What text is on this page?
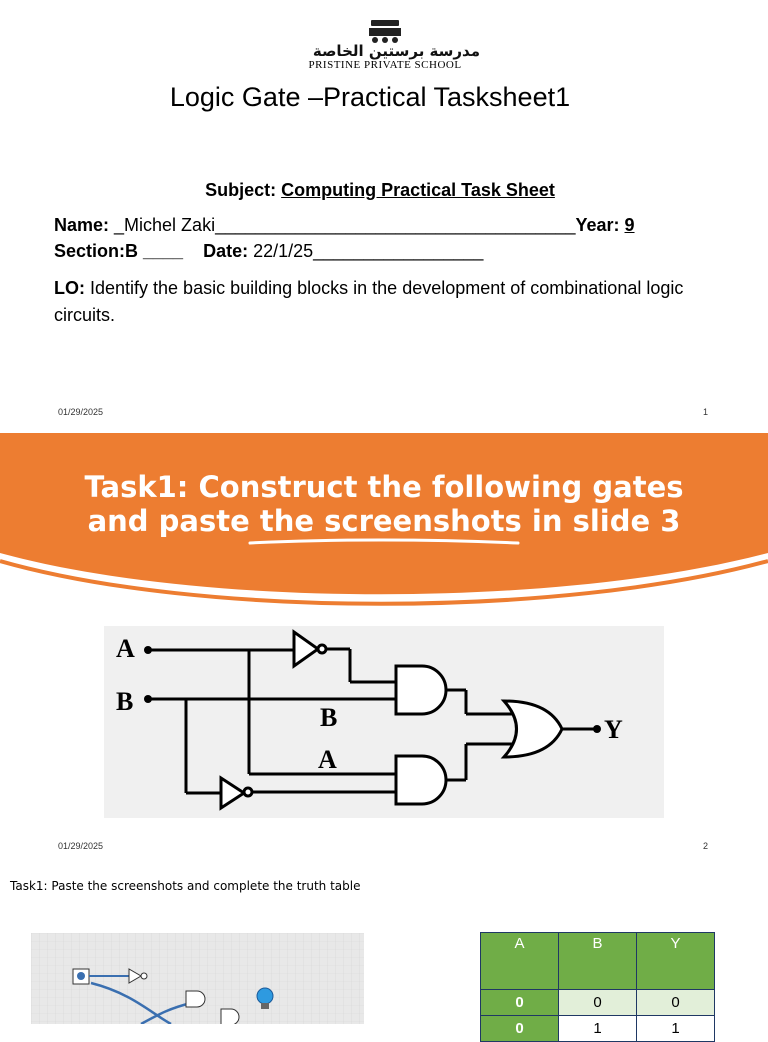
مدرسة برستين الخاصة
PRISTINE PRIVATE SCHOOL
Logic Gate –Practical Tasksheet1
Subject: Computing Practical Task Sheet
Name: _Michel Zaki____________________________________Year: 9
Section:B ____ Date: 22/1/25_________________
LO: Identify the basic building blocks in the development of combinational logic circuits.
01/29/2025	1
Task1: Construct the following gates
and paste the screenshots in slide 3
A
B
Y
B
A
01/29/2025	2
Task1: Paste the screenshots and complete the truth table
A	B	Y
0	0	0
0	1	1
